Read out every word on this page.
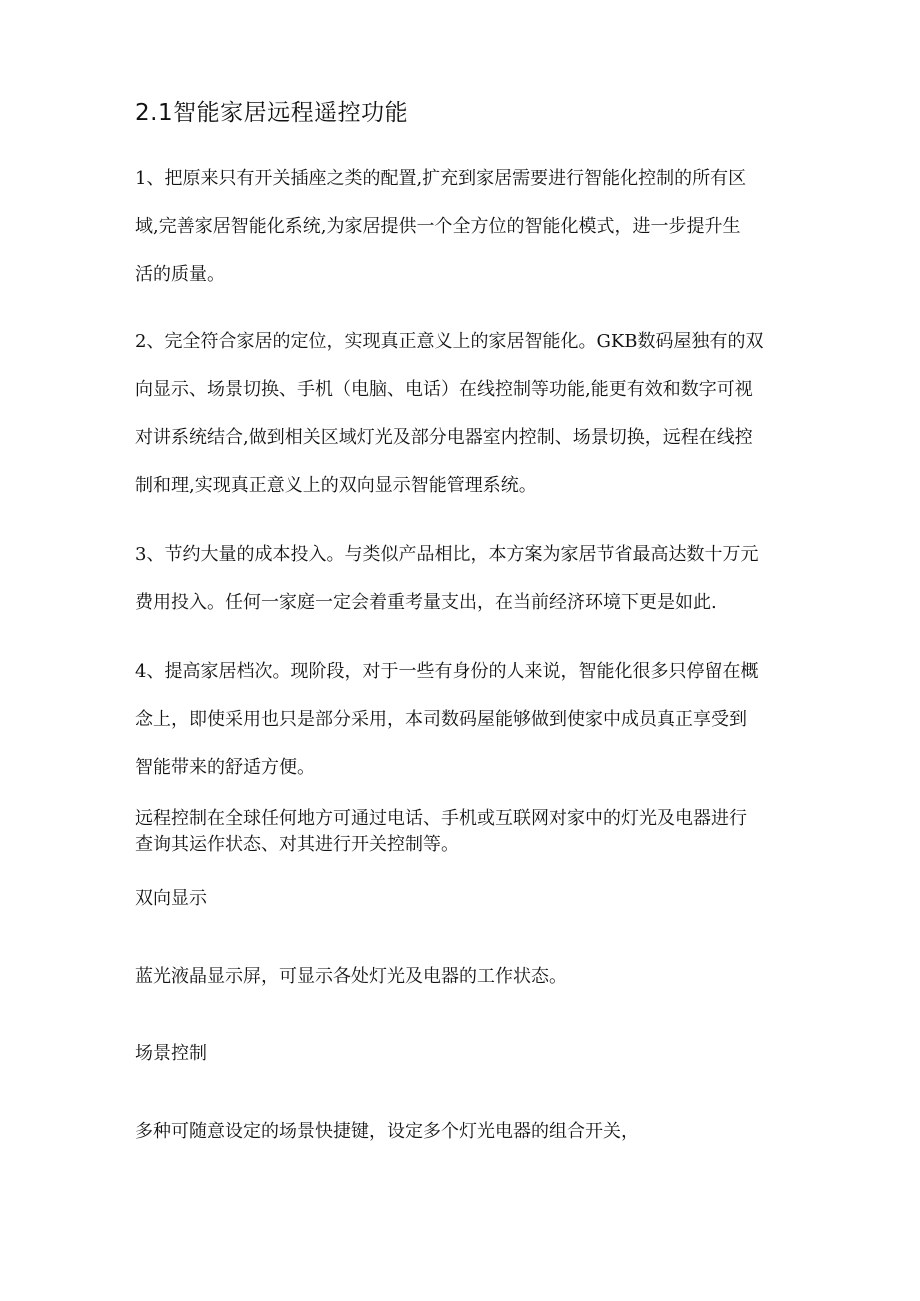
2.1智能家居远程遥控功能
1、把原来只有开关插座之类的配置,扩充到家居需要进行智能化控制的所有区
域,完善家居智能化系统,为家居提供一个全方位的智能化模式，进一步提升生
活的质量。
2、完全符合家居的定位，实现真正意义上的家居智能化。GKB数码屋独有的双
向显示、场景切换、手机（电脑、电话）在线控制等功能,能更有效和数字可视
对讲系统结合,做到相关区域灯光及部分电器室内控制、场景切换，远程在线控
制和理,实现真正意义上的双向显示智能管理系统。
3、节约大量的成本投入。与类似产品相比，本方案为家居节省最高达数十万元
费用投入。任何一家庭一定会着重考量支出，在当前经济环境下更是如此.
4、提高家居档次。现阶段，对于一些有身份的人来说，智能化很多只停留在概
念上，即使采用也只是部分采用，本司数码屋能够做到使家中成员真正享受到
智能带来的舒适方便。
远程控制在全球任何地方可通过电话、手机或互联网对家中的灯光及电器进行
查询其运作状态、对其进行开关控制等。
双向显示
蓝光液晶显示屏，可显示各处灯光及电器的工作状态。
场景控制
多种可随意设定的场景快捷键，设定多个灯光电器的组合开关，
